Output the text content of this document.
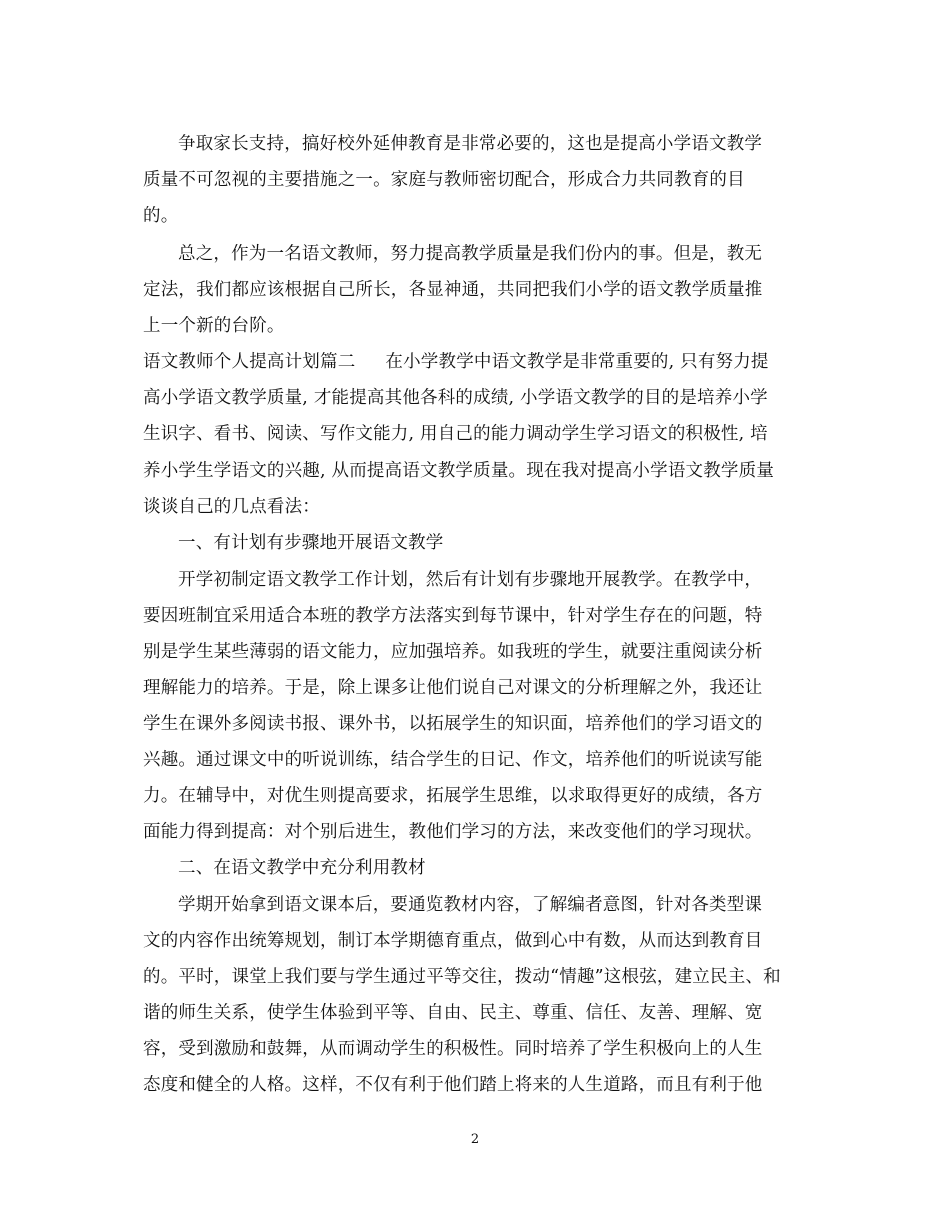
争取家长支持，搞好校外延伸教育是非常必要的，这也是提高小学语文教学
质量不可忽视的主要措施之一。家庭与教师密切配合，形成合力共同教育的目
的。
总之，作为一名语文教师，努力提高教学质量是我们份内的事。但是，教无
定法，我们都应该根据自己所长，各显神通，共同把我们小学的语文教学质量推
上一个新的台阶。
语文教师个人提高计划篇二 在小学教学中语文教学是非常重要的, 只有努力提
高小学语文教学质量, 才能提高其他各科的成绩, 小学语文教学的目的是培养小学
生识字、看书、阅读、写作文能力, 用自己的能力调动学生学习语文的积极性, 培
养小学生学语文的兴趣, 从而提高语文教学质量。现在我对提高小学语文教学质量
谈谈自己的几点看法：
一、有计划有步骤地开展语文教学
开学初制定语文教学工作计划，然后有计划有步骤地开展教学。在教学中，
要因班制宜采用适合本班的教学方法落实到每节课中，针对学生存在的问题，特
别是学生某些薄弱的语文能力，应加强培养。如我班的学生，就要注重阅读分析
理解能力的培养。于是，除上课多让他们说自己对课文的分析理解之外，我还让
学生在课外多阅读书报、课外书，以拓展学生的知识面，培养他们的学习语文的
兴趣。通过课文中的听说训练，结合学生的日记、作文，培养他们的听说读写能
力。在辅导中，对优生则提高要求，拓展学生思维，以求取得更好的成绩，各方
面能力得到提高：对个别后进生，教他们学习的方法，来改变他们的学习现状。
二、在语文教学中充分利用教材
学期开始拿到语文课本后，要通览教材内容，了解编者意图，针对各类型课
文的内容作出统筹规划，制订本学期德育重点，做到心中有数，从而达到教育目
的。平时，课堂上我们要与学生通过平等交往，拨动“情趣”这根弦，建立民主、和
谐的师生关系，使学生体验到平等、自由、民主、尊重、信任、友善、理解、宽
容，受到激励和鼓舞，从而调动学生的积极性。同时培养了学生积极向上的人生
态度和健全的人格。这样，不仅有利于他们踏上将来的人生道路，而且有利于他
2
